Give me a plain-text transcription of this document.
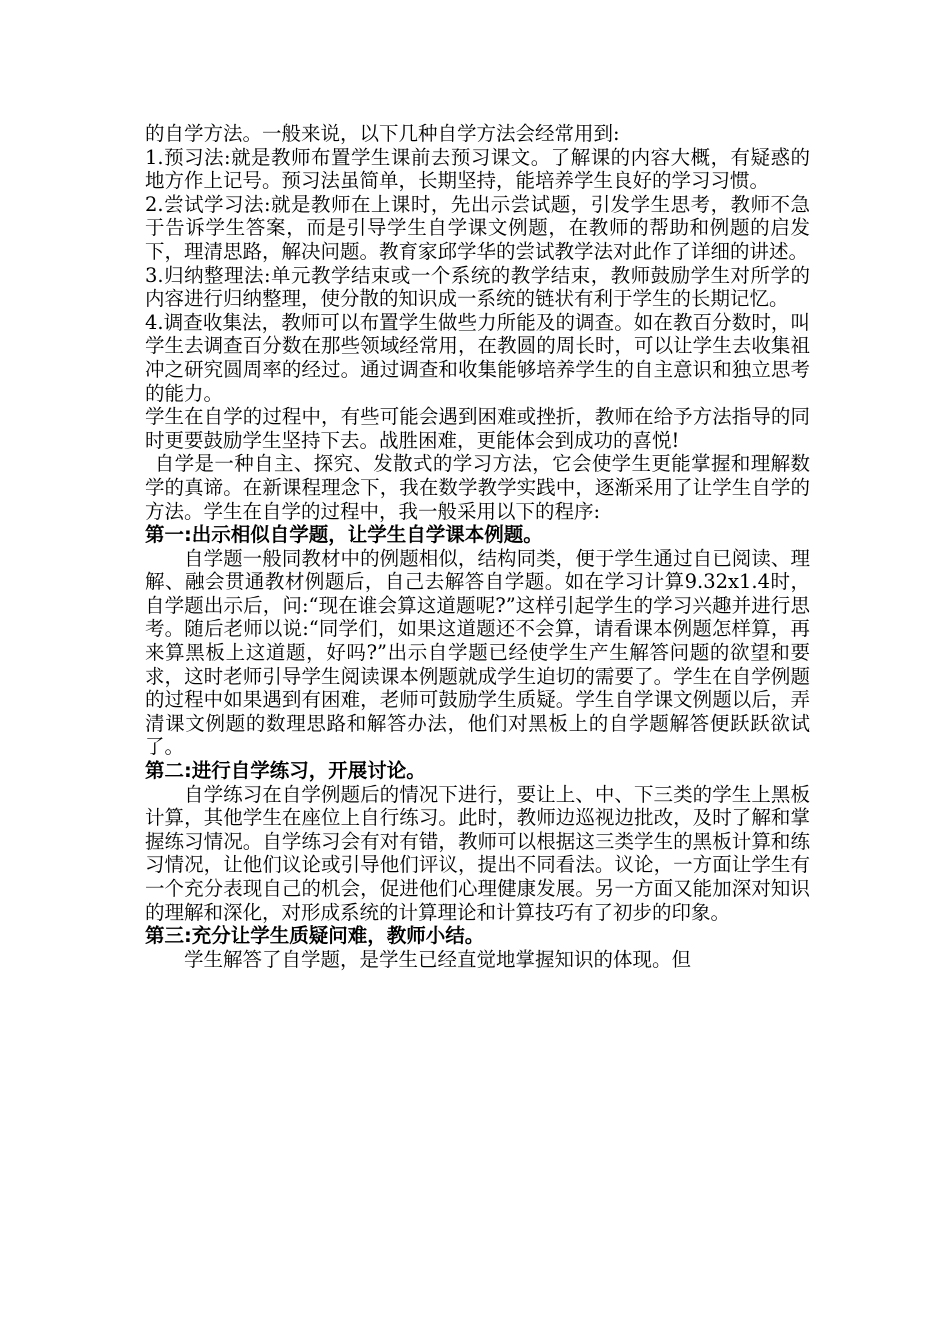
的自学方法。一般来说，以下几种自学方法会经常用到:

1.预习法:就是教师布置学生课前去预习课文。了解课的内容大概，有疑惑的地方作上记号。预习法虽简单，长期坚持，能培养学生良好的学习习惯。

2.尝试学习法:就是教师在上课时，先出示尝试题，引发学生思考，教师不急于告诉学生答案，而是引导学生自学课文例题，在教师的帮助和例题的启发下，理清思路，解决问题。教育家邱学华的尝试教学法对此作了详细的讲述。

3.归纳整理法:单元教学结束或一个系统的教学结束，教师鼓励学生对所学的内容进行归纳整理，使分散的知识成一系统的链状有利于学生的长期记忆。

4.调查收集法，教师可以布置学生做些力所能及的调查。如在教百分数时，叫学生去调查百分数在那些领域经常用，在教圆的周长时，可以让学生去收集祖冲之研究圆周率的经过。通过调查和收集能够培养学生的自主意识和独立思考的能力。

学生在自学的过程中，有些可能会遇到困难或挫折，教师在给予方法指导的同时更要鼓励学生坚持下去。战胜困难，更能体会到成功的喜悦!

自学是一种自主、探究、发散式的学习方法，它会使学生更能掌握和理解数学的真谛。在新课程理念下，我在数学教学实践中，逐渐采用了让学生自学的方法。学生在自学的过程中，我一般采用以下的程序:

第一:出示相似自学题，让学生自学课本例题。

自学题一般同教材中的例题相似，结构同类，便于学生通过自已阅读、理解、融会贯通教材例题后，自己去解答自学题。如在学习计算9.32x1.4时，自学题出示后，问:“现在谁会算这道题呢?”这样引起学生的学习兴趣并进行思考。随后老师以说:“同学们，如果这道题还不会算，请看课本例题怎样算，再来算黑板上这道题，好吗?”出示自学题已经使学生产生解答问题的欲望和要求，这时老师引导学生阅读课本例题就成学生迫切的需要了。学生在自学例题的过程中如果遇到有困难，老师可鼓励学生质疑。学生自学课文例题以后，弄清课文例题的数理思路和解答办法，他们对黑板上的自学题解答便跃跃欲试了。

第二:进行自学练习，开展讨论。

自学练习在自学例题后的情况下进行，要让上、中、下三类的学生上黑板计算，其他学生在座位上自行练习。此时，教师边巡视边批改，及时了解和掌握练习情况。自学练习会有对有错，教师可以根据这三类学生的黑板计算和练习情况，让他们议论或引导他们评议，提出不同看法。议论，一方面让学生有一个充分表现自己的机会，促进他们心理健康发展。另一方面又能加深对知识的理解和深化，对形成系统的计算理论和计算技巧有了初步的印象。

第三:充分让学生质疑问难，教师小结。

学生解答了自学题，是学生已经直觉地掌握知识的体现。但
